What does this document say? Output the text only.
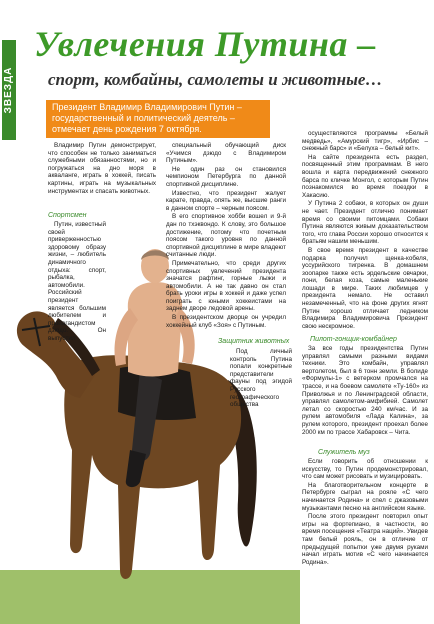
ЗВЕЗДА
Увлечения Путина –
спорт, комбайны, самолеты и животные…
Президент Владимир Владимирович Путин – государственный и политический деятель – отмечает день рождения 7 октября.

Владимир Путин демонстрирует, что способен не только заниматься служебными обязанностями, но и погружаться на дно моря в акваланге, играть в хоккей, писать картины, играть на музыкальных инструментах и спасать животных.

Спортсмен

Путин, известный своей приверженностью здоровому образу жизни, – любитель динамичного отдыха: спорт, рыбалка, автомобили. Российский президент является большим любителем и пропагандистом дзюдо. Он выпустил

специальный обучающий диск «Учимся дзюдо с Владимиром Путиным».

Не один раз он становился чемпионом Петербурга по данной спортивной дисциплине.

Известно, что президент жалует карате, правда, опять же, высшие ранги в данном спорте – черным поясом.

В его спортивное хобби вошел и 9-й дан по тхэквондо. К слову, это большое достижение, потому что почетным поясом такого уровня по данной спортивной дисциплине в мире владеют считанные люди.

Примечательно, что среди других спортивных увлечений президента значатся рафтинг, горные лыжи и автомобили. А не так давно он стал брать уроки игры в хоккей и даже успел поиграть с юными хоккеистами на заднем дворе ледовой арены.

В президентском дворце он учредил хоккейный клуб «Зоя» с Путиным.

Защитник животных

Под личный контроль Путина попали конкретные представители фауны под эгидой Русского географического общества

осуществляются программы «Белый медведь», «Амурский тигр», «Ирбис – снежный барс» и «Белуха – белый кит».

На сайте президента есть раздел, посвященный этим программам. В него вошла и карта передвижений снежного барса по кличке Монгол, с которым Путин познакомился во время поездки в Хакасию.

У Путина 2 собаки, в которых он души не чает. Президент отлично понимает время со своими питомцами. Собаки Путина являются живым доказательством того, что глава России хорошо относится к братьям нашим меньшим.

В свое время президент в качестве подарка получил щенка-кобеля, уссурийского тигренка. В домашнем зоопарке также есть эрдельские овчарки, пони, белая коза, самые маленькие лошади в мире. Таких любимцев у президента немало. Не оставил незамеченный, что на фоне других ягнят Путин хорошо отличает ледником Владимира Владимировича Президент свою нескромное.

Пилот-гонщик-комбайнер

За все годы президентства Путин управлял самыми разными видами техники. Это комбайн, управлял вертолетом, был в 6 тонн земли. В болиде «Формулы-1» с ветерком промчался на трассе, и на боевом самолете «Ту-160» из Приволжья и по Ленинградской области, управлял самолетом-амфибией. Самолет летал со скоростью 240 км/час. И за рулем автомобиля «Лада Калина», за рулем которого, президент проехал более 2000 км по трассе Хабаровск – Чита.

Служитель муз

Если говорить об отношении к искусству, то Путин продемонстрировал, что сам может рисовать и музицировать.

На благотворительном концерте в Петербурге сыграл на рояле «С чего начинается Родина» и спел с джазовыми музыкантами песню на английском языке.

После этого президент повторил опыт игры на фортепиано, в частности, во время посещения «Театра наций». Увидев там белый рояль, он в отличие от предыдущей попытки уже двумя руками начал играть мотив «С чего начинается Родина».
